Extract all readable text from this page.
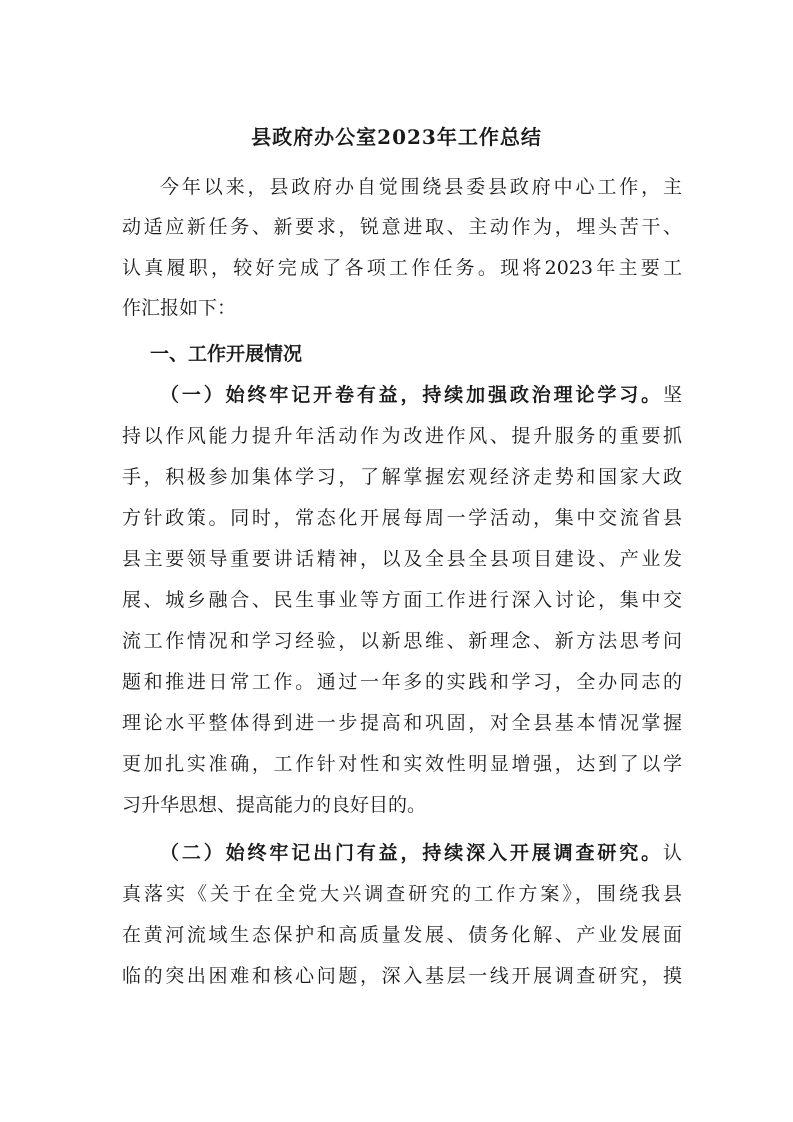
县政府办公室2023年工作总结
今年以来，县政府办自觉围绕县委县政府中心工作，主
动适应新任务、新要求，锐意进取、主动作为，埋头苦干、
认真履职，较好完成了各项工作任务。现将2023年主要工
作汇报如下：
一、工作开展情况
（一）始终牢记开卷有益，持续加强政治理论学习。坚
持以作风能力提升年活动作为改进作风、提升服务的重要抓
手，积极参加集体学习，了解掌握宏观经济走势和国家大政
方针政策。同时，常态化开展每周一学活动，集中交流省县
县主要领导重要讲话精神，以及全县全县项目建设、产业发
展、城乡融合、民生事业等方面工作进行深入讨论，集中交
流工作情况和学习经验，以新思维、新理念、新方法思考问
题和推进日常工作。通过一年多的实践和学习，全办同志的
理论水平整体得到进一步提高和巩固，对全县基本情况掌握
更加扎实准确，工作针对性和实效性明显增强，达到了以学
习升华思想、提高能力的良好目的。
（二）始终牢记出门有益，持续深入开展调查研究。认
真落实《关于在全党大兴调查研究的工作方案》，围绕我县
在黄河流域生态保护和高质量发展、债务化解、产业发展面
临的突出困难和核心问题，深入基层一线开展调查研究，摸
